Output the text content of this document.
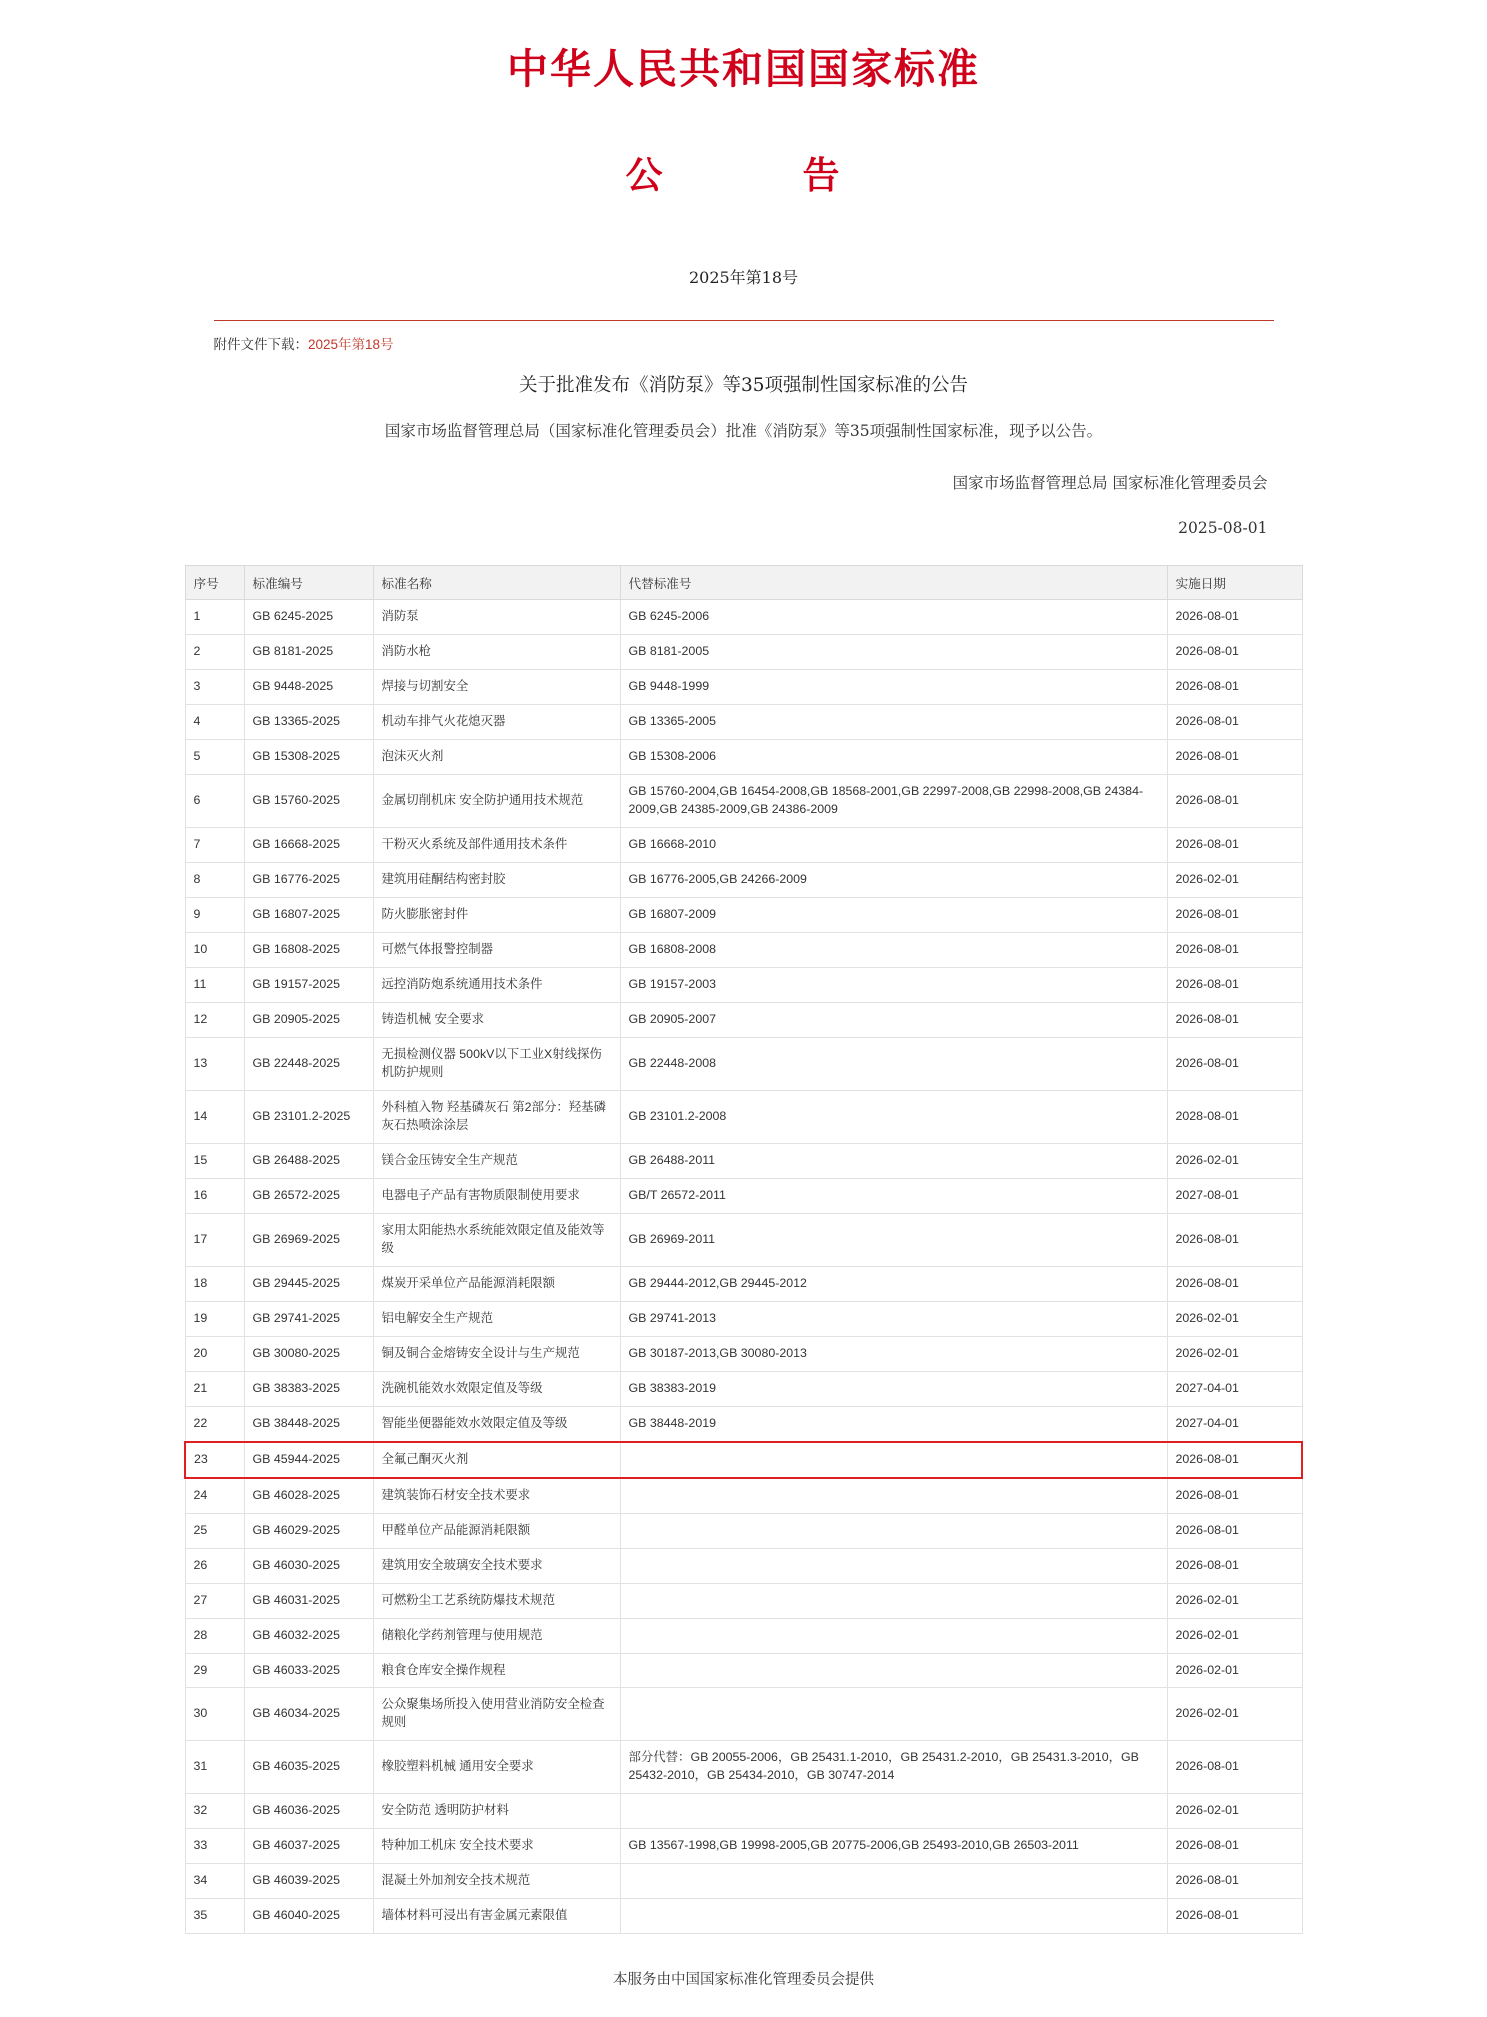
中华人民共和国国家标准
公　　告
2025年第18号
附件文件下载：2025年第18号
关于批准发布《消防泵》等35项强制性国家标准的公告
国家市场监督管理总局（国家标准化管理委员会）批准《消防泵》等35项强制性国家标准，现予以公告。
国家市场监督管理总局 国家标准化管理委员会
2025-08-01
序号	标准编号	标准名称	代替标准号	实施日期
1	GB 6245-2025	消防泵	GB 6245-2006	2026-08-01
2	GB 8181-2025	消防水枪	GB 8181-2005	2026-08-01
3	GB 9448-2025	焊接与切割安全	GB 9448-1999	2026-08-01
4	GB 13365-2025	机动车排气火花熄灭器	GB 13365-2005	2026-08-01
5	GB 15308-2025	泡沫灭火剂	GB 15308-2006	2026-08-01
6	GB 15760-2025	金属切削机床 安全防护通用技术规范	GB 15760-2004,GB 16454-2008,GB 18568-2001,GB 22997-2008,GB 22998-2008,GB 24384-2009,GB 24385-2009,GB 24386-2009	2026-08-01
7	GB 16668-2025	干粉灭火系统及部件通用技术条件	GB 16668-2010	2026-08-01
8	GB 16776-2025	建筑用硅酮结构密封胶	GB 16776-2005,GB 24266-2009	2026-02-01
9	GB 16807-2025	防火膨胀密封件	GB 16807-2009	2026-08-01
10	GB 16808-2025	可燃气体报警控制器	GB 16808-2008	2026-08-01
11	GB 19157-2025	远控消防炮系统通用技术条件	GB 19157-2003	2026-08-01
12	GB 20905-2025	铸造机械 安全要求	GB 20905-2007	2026-08-01
13	GB 22448-2025	无损检测仪器 500kV以下工业X射线探伤机防护规则	GB 22448-2008	2026-08-01
14	GB 23101.2-2025	外科植入物 羟基磷灰石 第2部分：羟基磷灰石热喷涂涂层	GB 23101.2-2008	2028-08-01
15	GB 26488-2025	镁合金压铸安全生产规范	GB 26488-2011	2026-02-01
16	GB 26572-2025	电器电子产品有害物质限制使用要求	GB/T 26572-2011	2027-08-01
17	GB 26969-2025	家用太阳能热水系统能效限定值及能效等级	GB 26969-2011	2026-08-01
18	GB 29445-2025	煤炭开采单位产品能源消耗限额	GB 29444-2012,GB 29445-2012	2026-08-01
19	GB 29741-2025	铝电解安全生产规范	GB 29741-2013	2026-02-01
20	GB 30080-2025	铜及铜合金熔铸安全设计与生产规范	GB 30187-2013,GB 30080-2013	2026-02-01
21	GB 38383-2025	洗碗机能效水效限定值及等级	GB 38383-2019	2027-04-01
22	GB 38448-2025	智能坐便器能效水效限定值及等级	GB 38448-2019	2027-04-01
23	GB 45944-2025	全氟己酮灭火剂		2026-08-01
24	GB 46028-2025	建筑装饰石材安全技术要求		2026-08-01
25	GB 46029-2025	甲醛单位产品能源消耗限额		2026-08-01
26	GB 46030-2025	建筑用安全玻璃安全技术要求		2026-08-01
27	GB 46031-2025	可燃粉尘工艺系统防爆技术规范		2026-02-01
28	GB 46032-2025	储粮化学药剂管理与使用规范		2026-02-01
29	GB 46033-2025	粮食仓库安全操作规程		2026-02-01
30	GB 46034-2025	公众聚集场所投入使用营业消防安全检查规则		2026-02-01
31	GB 46035-2025	橡胶塑料机械 通用安全要求	部分代替：GB 20055-2006，GB 25431.1-2010，GB 25431.2-2010，GB 25431.3-2010，GB 25432-2010，GB 25434-2010，GB 30747-2014	2026-08-01
32	GB 46036-2025	安全防范 透明防护材料		2026-02-01
33	GB 46037-2025	特种加工机床 安全技术要求	GB 13567-1998,GB 19998-2005,GB 20775-2006,GB 25493-2010,GB 26503-2011	2026-08-01
34	GB 46039-2025	混凝土外加剂安全技术规范		2026-08-01
35	GB 46040-2025	墙体材料可浸出有害金属元素限值		2026-08-01
本服务由中国国家标准化管理委员会提供
